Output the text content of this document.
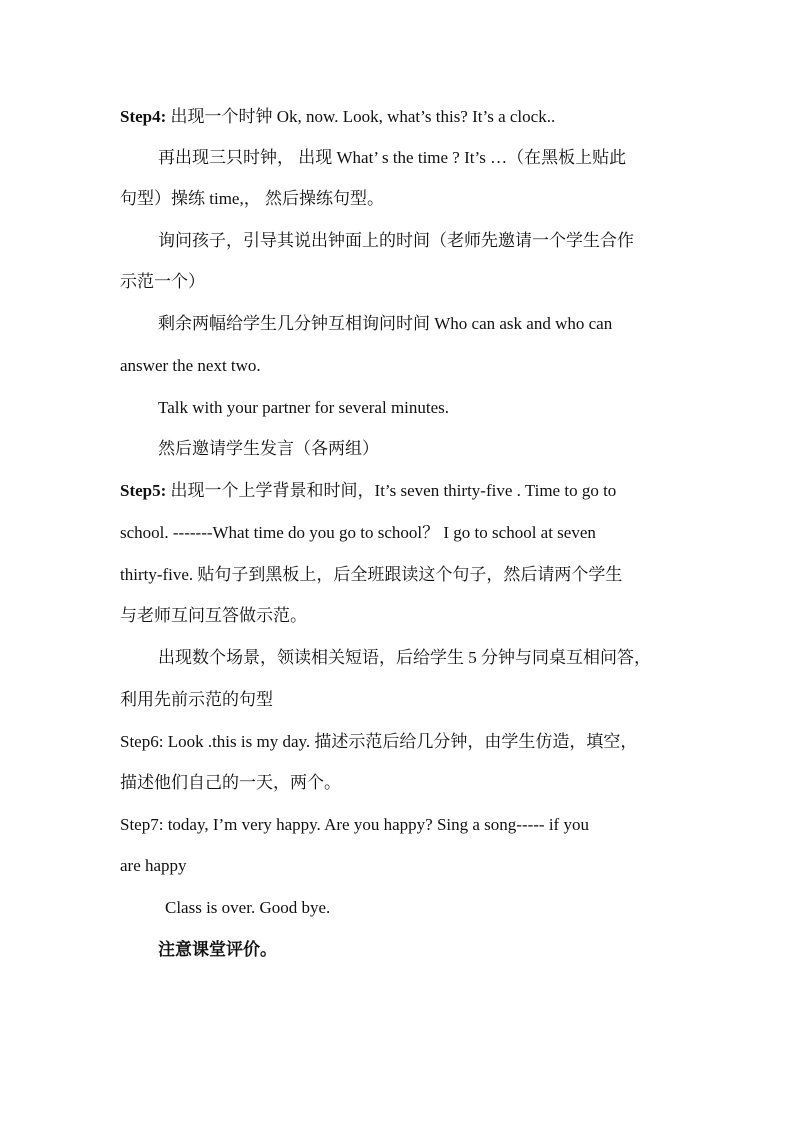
Step4: 出现一个时钟 Ok, now. Look, what’s this? It’s a clock..
再出现三只时钟， 出现 What’ s the time ? It’s …（在黑板上贴此
句型）操练 time,， 然后操练句型。
询问孩子，引导其说出钟面上的时间（老师先邀请一个学生合作
示范一个）
剩余两幅给学生几分钟互相询问时间 Who can ask and who can
answer the next two.
Talk with your partner for several minutes.
然后邀请学生发言（各两组）
Step5: 出现一个上学背景和时间，It’s seven thirty-five . Time to go to
school. -------What time do you go to school？ I go to school at seven
thirty-five. 贴句子到黑板上，后全班跟读这个句子，然后请两个学生
与老师互问互答做示范。
出现数个场景，领读相关短语，后给学生 5 分钟与同桌互相问答，
利用先前示范的句型
Step6: Look .this is my day. 描述示范后给几分钟，由学生仿造，填空，
描述他们自己的一天，两个。
Step7: today, I’m very happy. Are you happy? Sing a song----- if you
are happy
Class is over. Good bye.
注意课堂评价。
